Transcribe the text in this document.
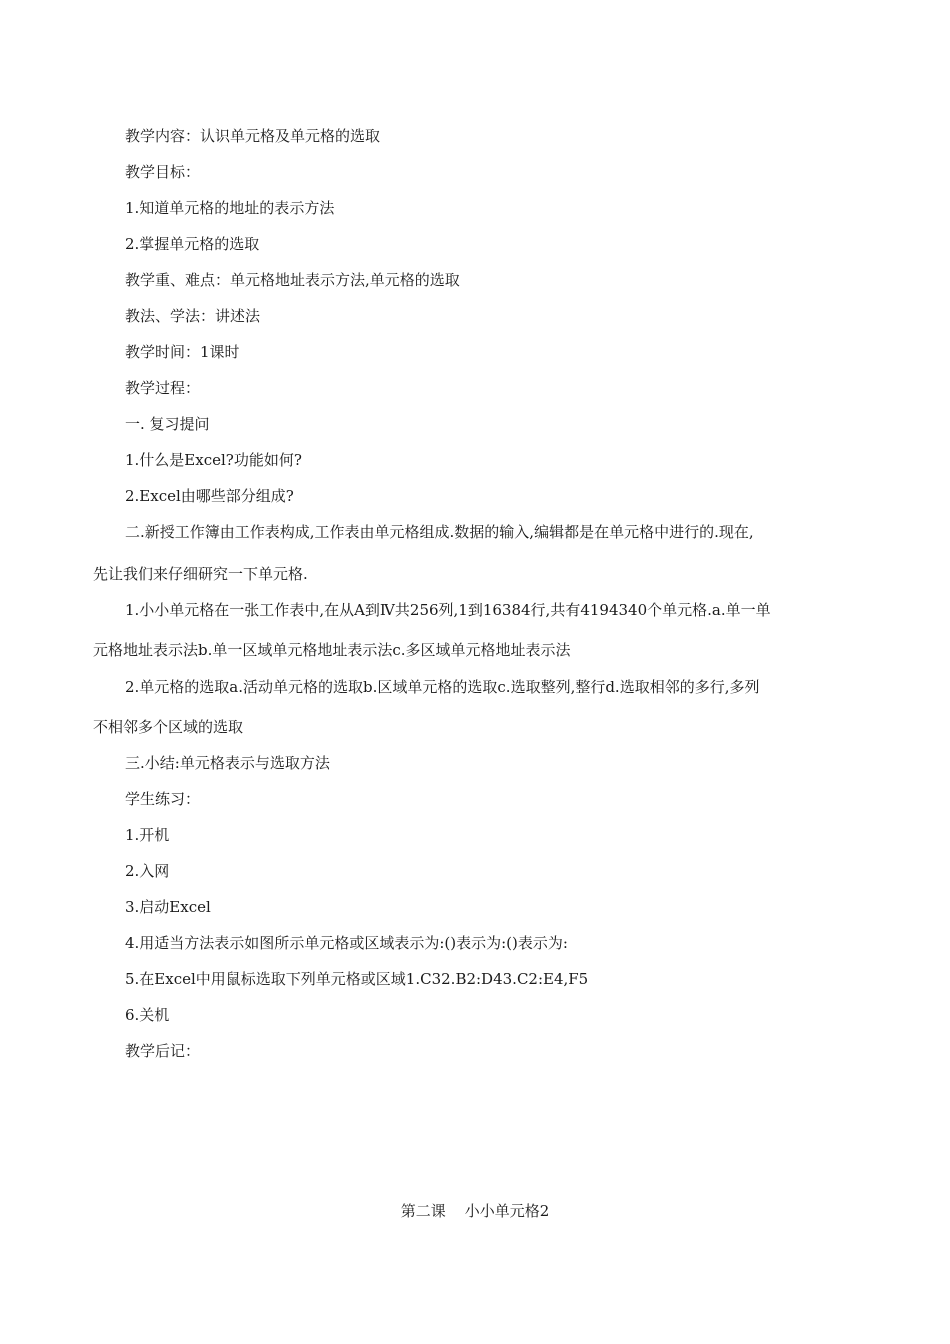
教学内容：认识单元格及单元格的选取
教学目标：
1.知道单元格的地址的表示方法
2.掌握单元格的选取
教学重、难点：单元格地址表示方法,单元格的选取
教法、学法：讲述法
教学时间：1课时
教学过程：
一. 复习提问
1.什么是Excel?功能如何?
2.Excel由哪些部分组成?
二.新授工作簿由工作表构成,工作表由单元格组成.数据的输入,编辑都是在单元格中进行的.现在,
先让我们来仔细研究一下单元格.
1.小小单元格在一张工作表中,在从A到Ⅳ共256列,1到16384行,共有4194340个单元格.a.单一单
元格地址表示法b.单一区域单元格地址表示法c.多区域单元格地址表示法
2.单元格的选取a.活动单元格的选取b.区域单元格的选取c.选取整列,整行d.选取相邻的多行,多列
不相邻多个区域的选取
三.小结:单元格表示与选取方法
学生练习：
1.开机
2.入网
3.启动Excel
4.用适当方法表示如图所示单元格或区域表示为:()表示为:()表示为:
5.在Excel中用鼠标选取下列单元格或区域1.C32.B2:D43.C2:E4,F5
6.关机
教学后记：
第二课    小小单元格2
